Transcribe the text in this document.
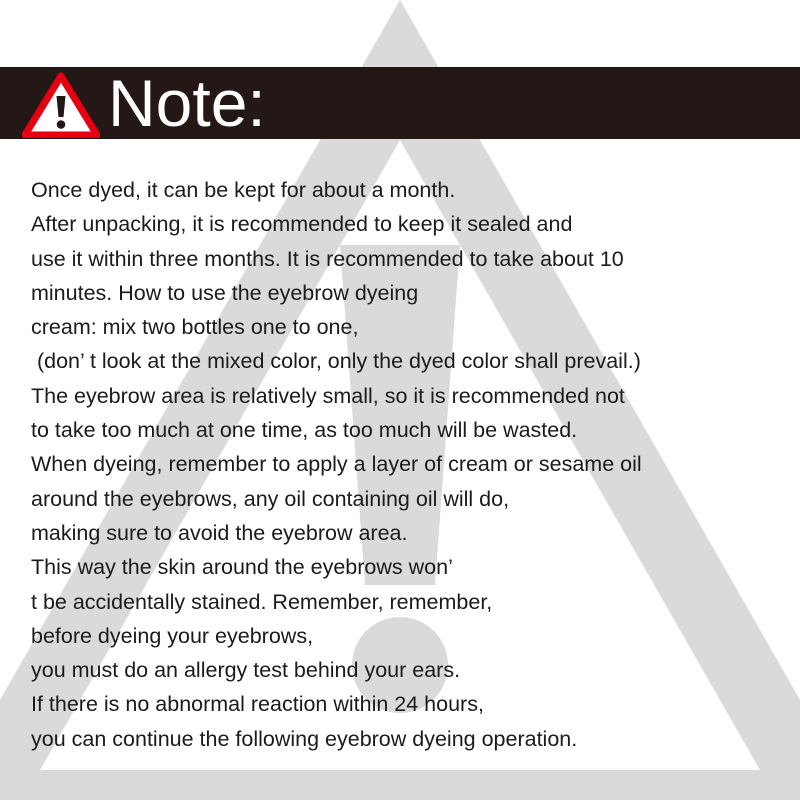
Note:
Once dyed, it can be kept for about a month.
After unpacking, it is recommended to keep it sealed and
use it within three months. It is recommended to take about 10
minutes. How to use the eyebrow dyeing
cream: mix two bottles one to one,
(don’ t look at the mixed color, only the dyed color shall prevail.)
The eyebrow area is relatively small, so it is recommended not
to take too much at one time, as too much will be wasted.
When dyeing, remember to apply a layer of cream or sesame oil
around the eyebrows, any oil containing oil will do,
making sure to avoid the eyebrow area.
This way the skin around the eyebrows won’
t be accidentally stained. Remember, remember,
before dyeing your eyebrows,
you must do an allergy test behind your ears.
If there is no abnormal reaction within 24 hours,
you can continue the following eyebrow dyeing operation.
